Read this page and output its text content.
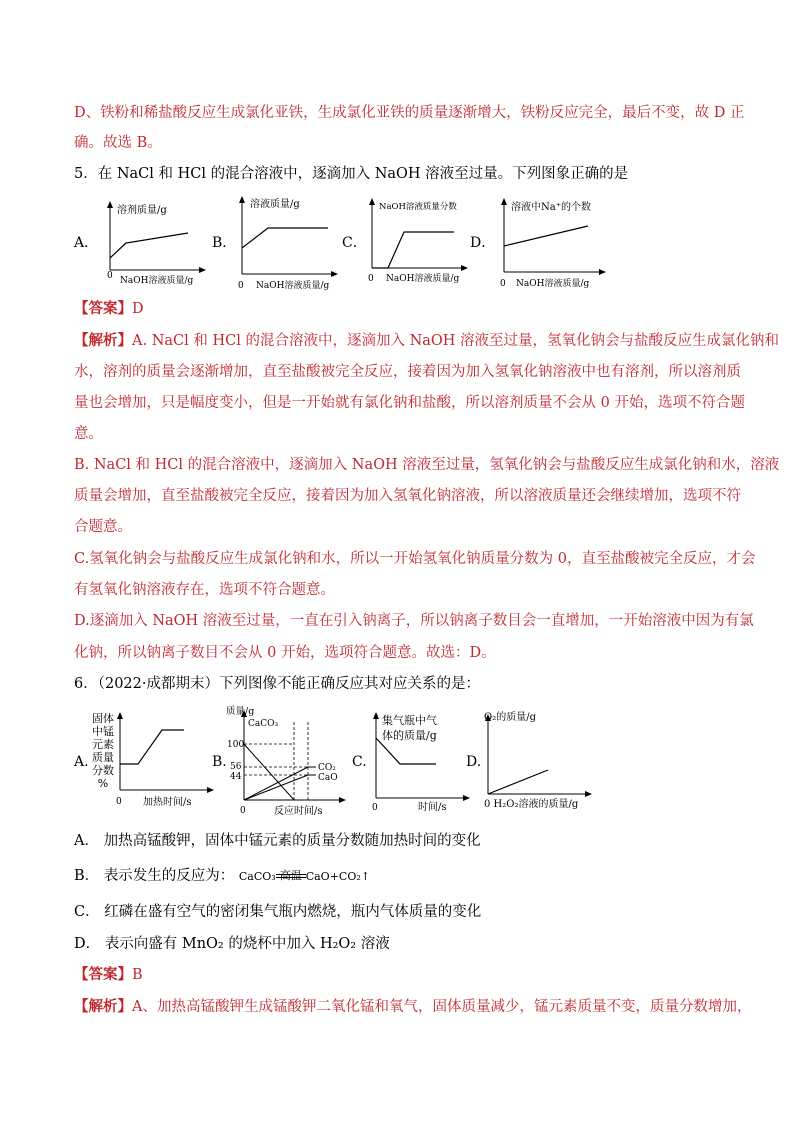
D、铁粉和稀盐酸反应生成氯化亚铁，生成氯化亚铁的质量逐渐增大，铁粉反应完全，最后不变，故 D 正
确。故选 B。
5．在 NaCl 和 HCl 的混合溶液中，逐滴加入 NaOH 溶液至过量。下列图象正确的是
A．
溶剂质量/g
0 NaOH溶液质量/g
B．
溶液质量/g
0 NaOH溶液质量/g
C．
NaOH溶液质量分数
0 NaOH溶液质量/g
D．
溶液中Na⁺的个数
0 NaOH溶液质量/g
【答案】D
【解析】A. NaCl 和 HCl 的混合溶液中，逐滴加入 NaOH 溶液至过量，氢氧化钠会与盐酸反应生成氯化钠和
水，溶剂的质量会逐渐增加，直至盐酸被完全反应，接着因为加入氢氧化钠溶液中也有溶剂，所以溶剂质
量也会增加，只是幅度变小，但是一开始就有氯化钠和盐酸，所以溶剂质量不会从 0 开始，选项不符合题
意。
B. NaCl 和 HCl 的混合溶液中，逐滴加入 NaOH 溶液至过量，氢氧化钠会与盐酸反应生成氯化钠和水，溶液
质量会增加，直至盐酸被完全反应，接着因为加入氢氧化钠溶液，所以溶液质量还会继续增加，选项不符
合题意。
C.氢氧化钠会与盐酸反应生成氯化钠和水，所以一开始氢氧化钠质量分数为 0，直至盐酸被完全反应，才会
有氢氧化钠溶液存在，选项不符合题意。
D.逐滴加入 NaOH 溶液至过量，一直在引入钠离子，所以钠离子数目会一直增加，一开始溶液中因为有氯
化钠，所以钠离子数目不会从 0 开始，选项符合题意。故选：D。
6．（2022·成都期末）下列图像不能正确反应其对应关系的是：
A.
固体
中锰
元素
质量
分数
%
0 加热时间/s
B.
质量/g
CaCO₃
100
56
44
CO₂
CaO
0	反应时间/s
C.
集气瓶中气
体的质量/g
0	时间/s
D.
O₂的质量/g
0 H₂O₂溶液的质量/g
A． 加热高锰酸钾，固体中锰元素的质量分数随加热时间的变化
B． 表示发生的反应为： CaCO₃ 高温 CaO+CO₂↑
C． 红磷在盛有空气的密闭集气瓶内燃烧，瓶内气体质量的变化
D． 表示向盛有 MnO₂ 的烧杯中加入 H₂O₂ 溶液
【答案】B
【解析】A、加热高锰酸钾生成锰酸钾二氧化锰和氧气，固体质量减少，锰元素质量不变，质量分数增加，
